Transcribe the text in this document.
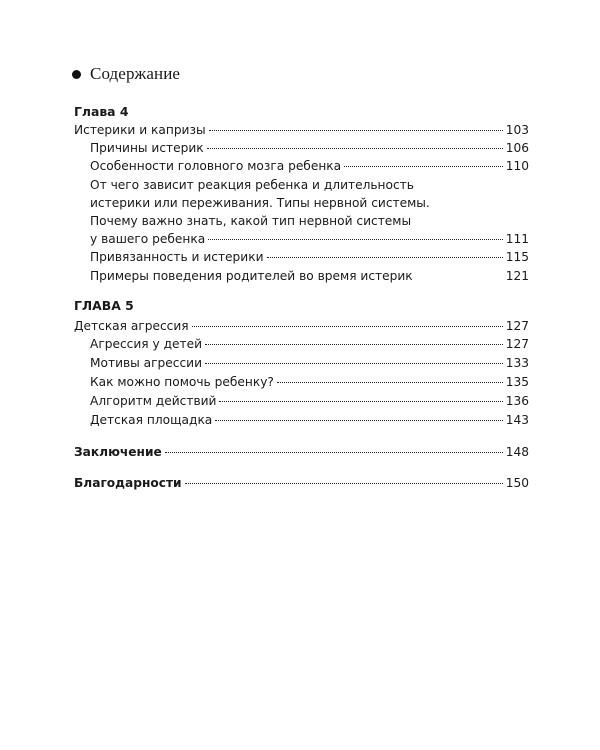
Содержание
Глава 4
Истерики и капризы	103
Причины истерик	106
Особенности головного мозга ребенка	110
От чего зависит реакция ребенка и длительность
истерики или переживания. Типы нервной системы.
Почему важно знать, какой тип нервной системы
у вашего ребенка	111
Привязанность и истерики	115
Примеры поведения родителей во время истерик	121
ГЛАВА 5
Детская агрессия	127
Агрессия у детей	127
Мотивы агрессии	133
Как можно помочь ребенку?	135
Алгоритм действий	136
Детская площадка	143
Заключение	148
Благодарности	150
